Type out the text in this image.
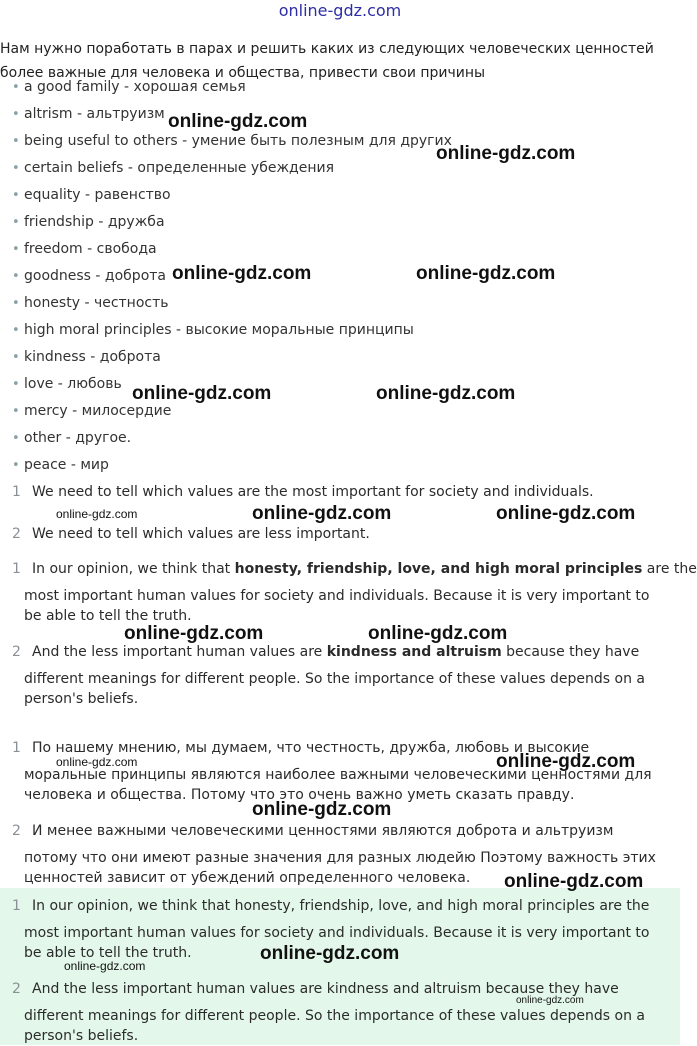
online-gdz.com
Нам нужно поработать в парах и решить каких из следующих человеческих ценностей
более важные для человека и общества, привести свои причины
• a good family - хорошая семья
• altrism - альтруизм
• being useful to others - умение быть полезным для других
• certain beliefs - определенные убеждения
• equality - равенство
• friendship - дружба
• freedom - свобода
• goodness - доброта
• honesty - честность
• high moral principles - высокие моральные принципы
• kindness - доброта
• love - любовь
• mercy - милосердие
• other - другое.
• peace - мир
1 We need to tell which values are the most important for society and individuals.
2 We need to tell which values are less important.
1 In our opinion, we think that honesty, friendship, love, and high moral principles are the
most important human values for society and individuals. Because it is very important to
be able to tell the truth.
2 And the less important human values are kindness and altruism because they have
different meanings for different people. So the importance of these values depends on a
person's beliefs.
1 По нашему мнению, мы думаем, что честность, дружба, любовь и высокие
моральные принципы являются наиболее важными человеческими ценностями для
человека и общества. Потому что это очень важно уметь сказать правду.
2 И менее важными человеческими ценностями являются доброта и альтруизм
потому что они имеют разные значения для разных людейю Поэтому важность этих
ценностей зависит от убеждений определенного человека.
1 In our opinion, we think that honesty, friendship, love, and high moral principles are the
most important human values for society and individuals. Because it is very important to
be able to tell the truth.
2 And the less important human values are kindness and altruism because they have
different meanings for different people. So the importance of these values depends on a
person's beliefs.
online-gdz.com
online-gdz.com
online-gdz.com	online-gdz.com
online-gdz.com	online-gdz.com
online-gdz.com	online-gdz.com	online-gdz.com
online-gdz.com	online-gdz.com
online-gdz.com
online-gdz.com
online-gdz.com
online-gdz.com
online-gdz.com
online-gdz.com
online-gdz.com
